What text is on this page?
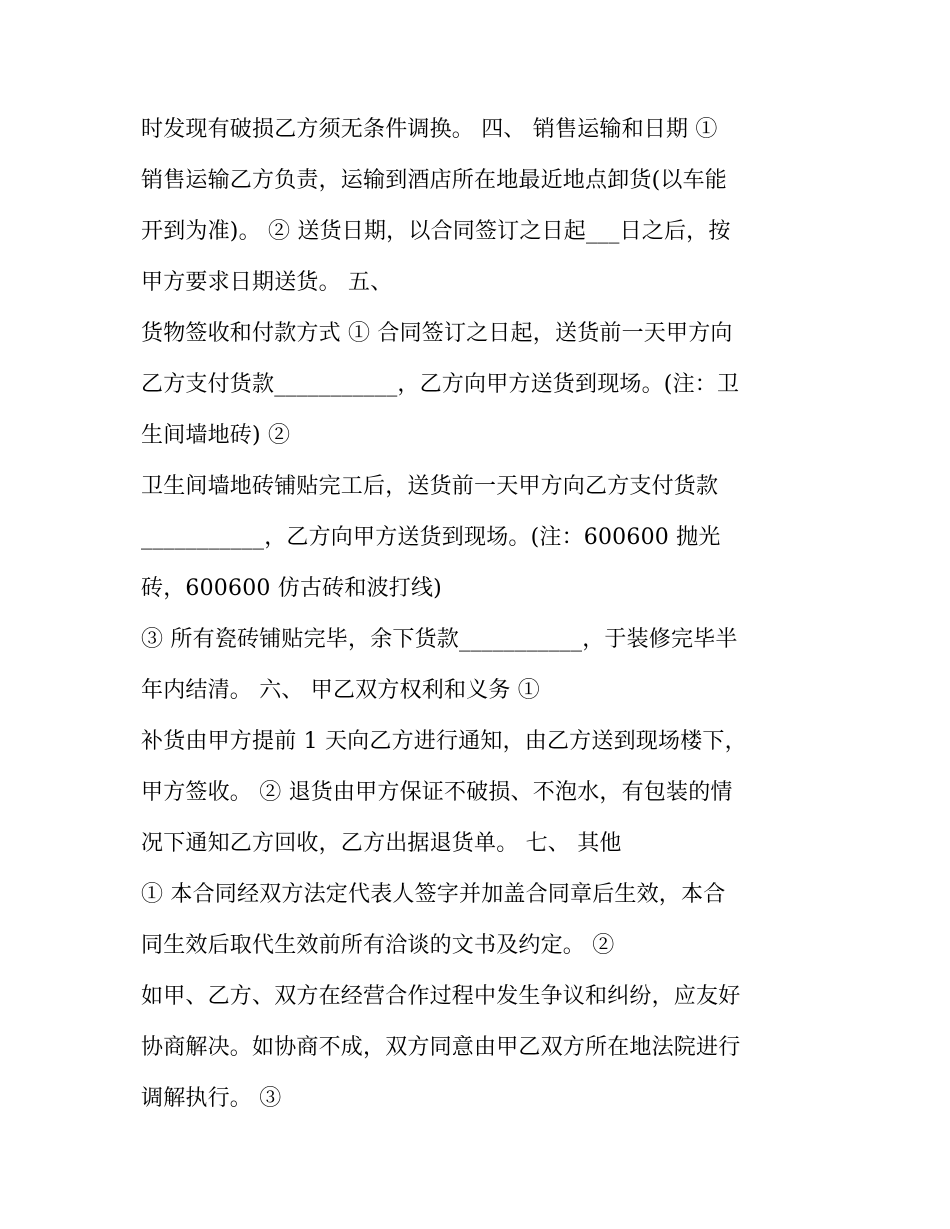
时发现有破损乙方须无条件调换。 四、 销售运输和日期 ①
销售运输乙方负责，运输到酒店所在地最近地点卸货(以车能
开到为准)。 ② 送货日期，以合同签订之日起___日之后，按
甲方要求日期送货。 五、
货物签收和付款方式 ① 合同签订之日起，送货前一天甲方向
乙方支付货款___________，乙方向甲方送货到现场。(注：卫
生间墙地砖) ②
卫生间墙地砖铺贴完工后，送货前一天甲方向乙方支付货款
___________，乙方向甲方送货到现场。(注：600600 抛光
砖，600600 仿古砖和波打线)
③ 所有瓷砖铺贴完毕，余下货款___________，于装修完毕半
年内结清。 六、 甲乙双方权利和义务 ①
补货由甲方提前 1 天向乙方进行通知，由乙方送到现场楼下，
甲方签收。 ② 退货由甲方保证不破损、不泡水，有包装的情
况下通知乙方回收，乙方出据退货单。 七、 其他
① 本合同经双方法定代表人签字并加盖合同章后生效，本合
同生效后取代生效前所有洽谈的文书及约定。 ②
如甲、乙方、双方在经营合作过程中发生争议和纠纷，应友好
协商解决。如协商不成，双方同意由甲乙双方所在地法院进行
调解执行。 ③
